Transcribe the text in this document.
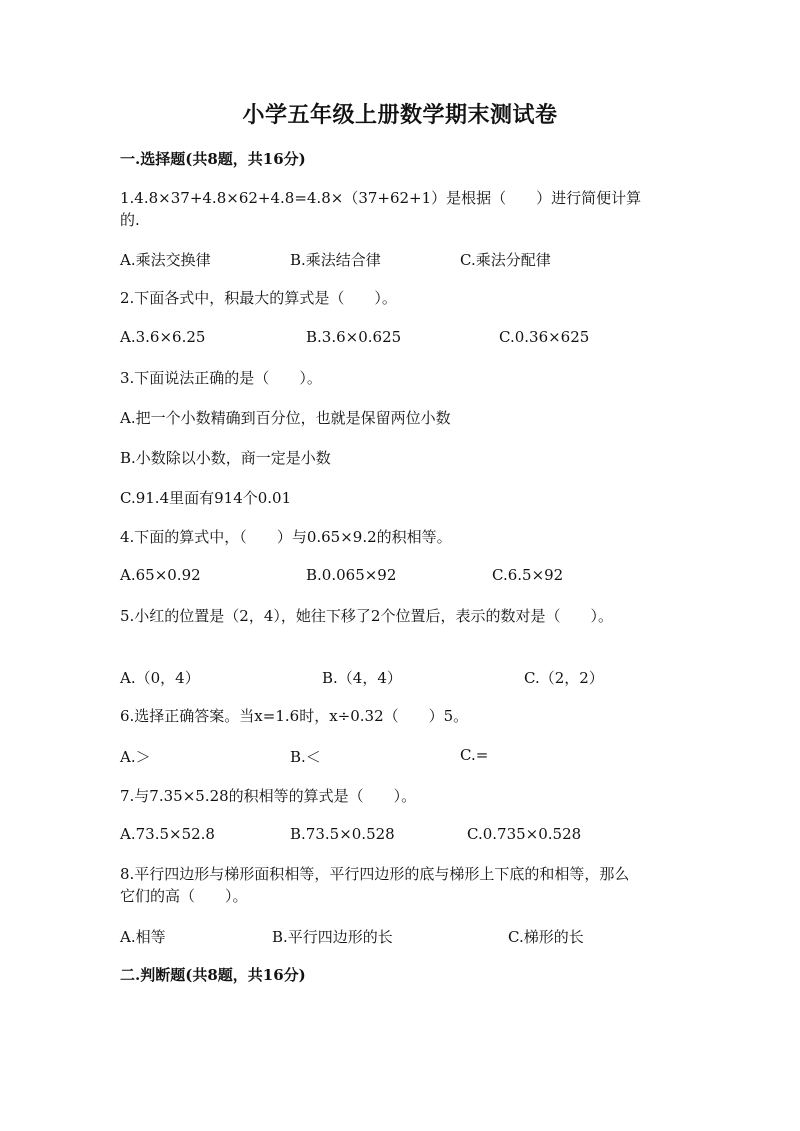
小学五年级上册数学期末测试卷
一.选择题(共8题，共16分)
1.4.8×37+4.8×62+4.8=4.8×（37+62+1）是根据（　　）进行简便计算
的.
A.乘法交换律	B.乘法结合律	C.乘法分配律
2.下面各式中，积最大的算式是（　　）。
A.3.6×6.25	B.3.6×0.625	C.0.36×625
3.下面说法正确的是（　　）。
A.把一个小数精确到百分位，也就是保留两位小数
B.小数除以小数，商一定是小数
C.91.4里面有914个0.01
4.下面的算式中，（　　）与0.65×9.2的积相等。
A.65×0.92	B.0.065×92	C.6.5×92
5.小红的位置是（2，4），她往下移了2个位置后，表示的数对是（　　）。
A.（0，4）	B.（4，4）	C.（2，2）
6.选择正确答案。当x=1.6时，x÷0.32（　　）5。
A.＞	B.＜	C.=
7.与7.35×5.28的积相等的算式是（　　）。
A.73.5×52.8	B.73.5×0.528	C.0.735×0.528
8.平行四边形与梯形面积相等，平行四边形的底与梯形上下底的和相等，那么
它们的高（　　）。
A.相等	B.平行四边形的长	C.梯形的长
二.判断题(共8题，共16分)
